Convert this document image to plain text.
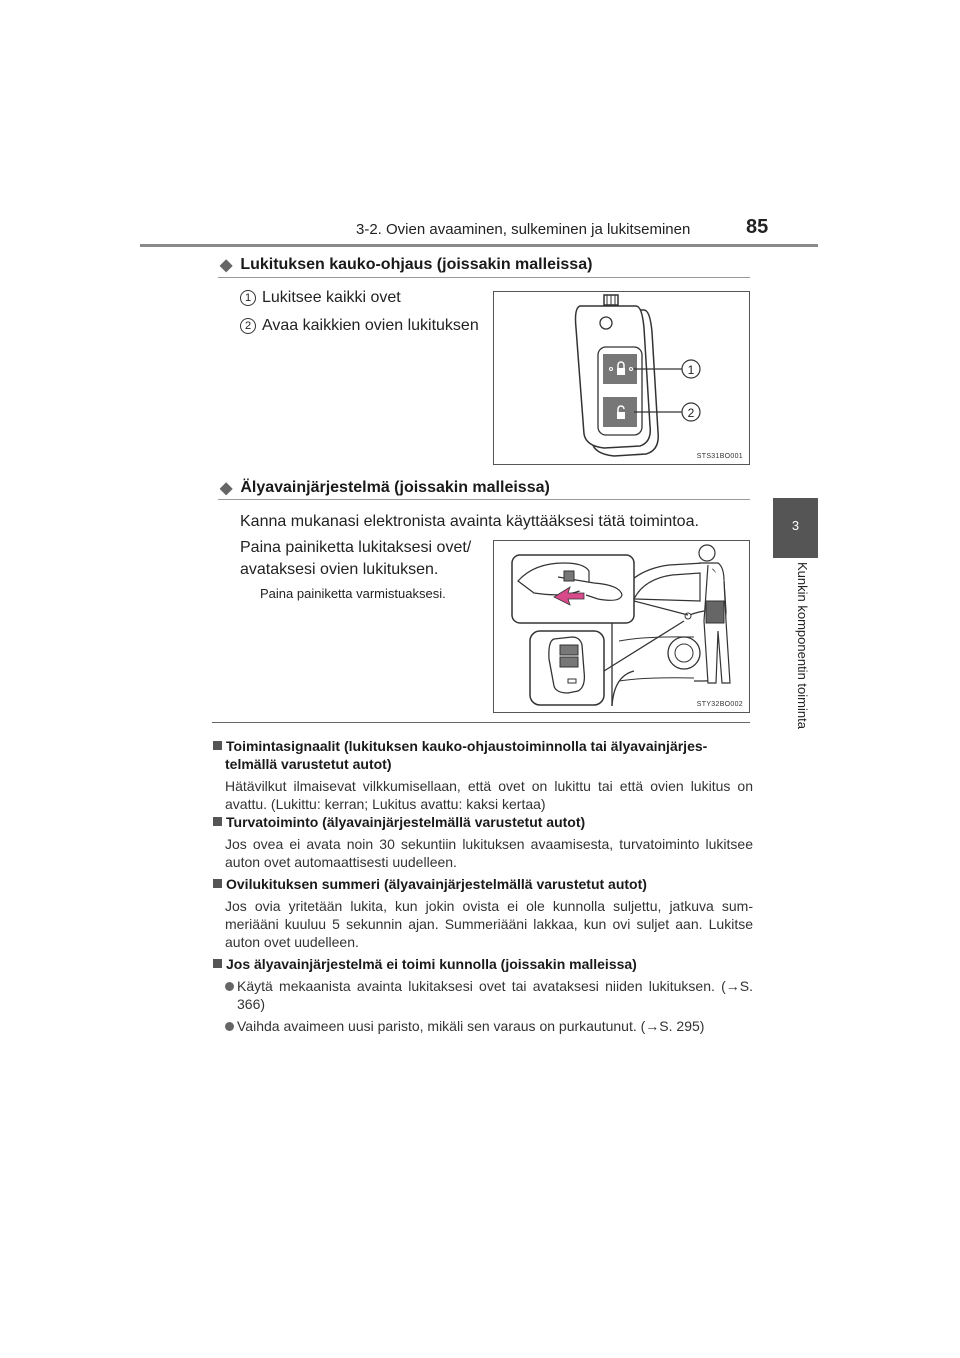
3-2. Ovien avaaminen, sulkeminen ja lukitseminen	85
3
Kunkin komponentin toiminta
◆ Lukituksen kauko-ohjaus (joissakin malleissa)
1 Lukitsee kaikki ovet
2 Avaa kaikkien ovien lukituksen
1
2
STS31BO001
◆ Älyavainjärjestelmä (joissakin malleissa)
Kanna mukanasi elektronista avainta käyttääksesi tätä toimintoa.
Paina painiketta lukitaksesi ovet/
avataksesi ovien lukituksen.
Paina painiketta varmistuaksesi.
STY32BO002
Toimintasignaalit (lukituksen kauko-ohjaustoiminnolla tai älyavainjärjes-telmällä varustetut autot)
Hätävilkut ilmaisevat vilkkumisellaan, että ovet on lukittu tai että ovien lukitus on avattu. (Lukittu: kerran; Lukitus avattu: kaksi kertaa)
Turvatoiminto (älyavainjärjestelmällä varustetut autot)
Jos ovea ei avata noin 30 sekuntiin lukituksen avaamisesta, turvatoiminto lukitsee auton ovet automaattisesti uudelleen.
Ovilukituksen summeri (älyavainjärjestelmällä varustetut autot)
Jos ovia yritetään lukita, kun jokin ovista ei ole kunnolla suljettu, jatkuva sum-meriääni kuuluu 5 sekunnin ajan. Summeriääni lakkaa, kun ovi suljet aan. Lukitse auton ovet uudelleen.
Jos älyavainjärjestelmä ei toimi kunnolla (joissakin malleissa)
Käytä mekaanista avainta lukitaksesi ovet tai avataksesi niiden lukituksen. (→S. 366)
Vaihda avaimeen uusi paristo, mikäli sen varaus on purkautunut. (→S. 295)
